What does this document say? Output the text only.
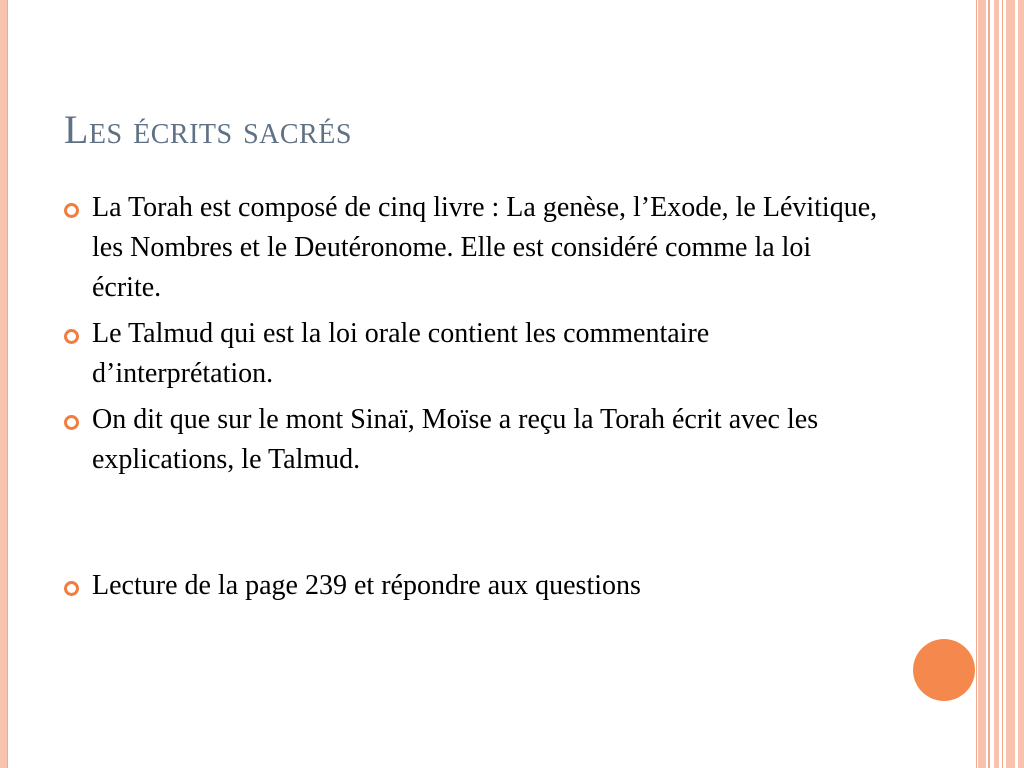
Les écrits sacrés
La Torah est composé de cinq livre : La genèse, l’Exode, le Lévitique, les Nombres et le Deutéronome. Elle est considéré comme la loi écrite.
Le Talmud qui est la loi orale contient les commentaire d’interprétation.
On dit que sur le mont Sinaï, Moïse a reçu la Torah écrit avec les explications, le Talmud.
Lecture de la page 239 et répondre aux questions
